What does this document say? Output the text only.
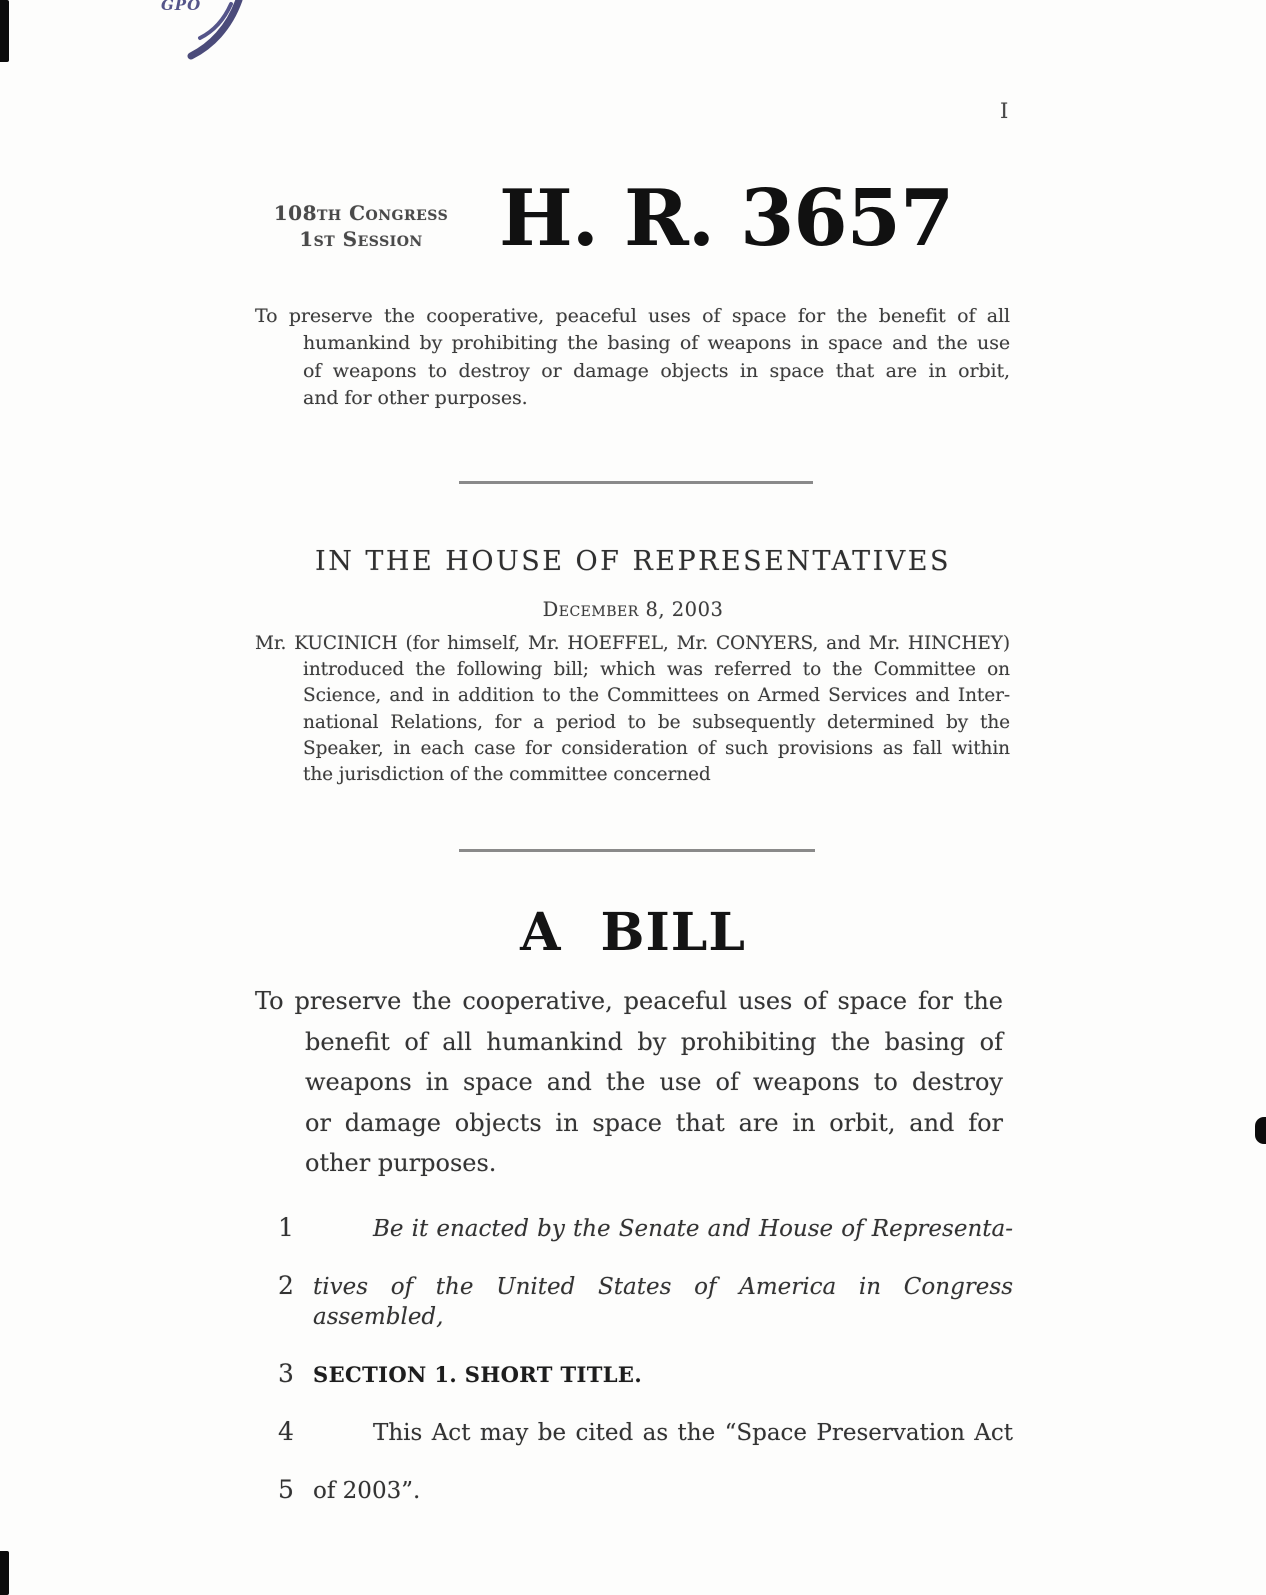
GPO
I
108th Congress
1st Session H. R. 3657
To preserve the cooperative, peaceful uses of space for the benefit of all
humankind by prohibiting the basing of weapons in space and the use
of weapons to destroy or damage objects in space that are in orbit,
and for other purposes.
IN THE HOUSE OF REPRESENTATIVES
December 8, 2003
Mr. KUCINICH (for himself, Mr. HOEFFEL, Mr. CONYERS, and Mr. HINCHEY)
introduced the following bill; which was referred to the Committee on
Science, and in addition to the Committees on Armed Services and Inter-
national Relations, for a period to be subsequently determined by the
Speaker, in each case for consideration of such provisions as fall within
the jurisdiction of the committee concerned
A BILL
To preserve the cooperative, peaceful uses of space for the
benefit of all humankind by prohibiting the basing of
weapons in space and the use of weapons to destroy
or damage objects in space that are in orbit, and for
other purposes.
1	Be it enacted by the Senate and House of Representa-
2 tives of the United States of America in Congress assembled,
3 SECTION 1. SHORT TITLE.
4	This Act may be cited as the “Space Preservation Act
5 of 2003”.
